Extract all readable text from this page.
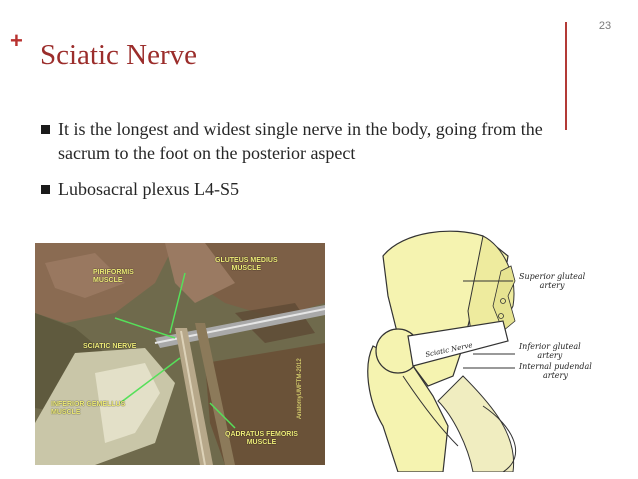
+ Sciatic Nerve
23
It is the longest and widest single nerve in the body, going from the sacrum to the foot on the posterior aspect
Lubosacral plexus L4-S5
GLUTEUS MEDIUS
MUSCLE
PIRIFORMIS
MUSCLE
SCIATIC NERVE
INFERIOR GEMELLUS
MUSCLE
QADRATUS FEMORIS
MUSCLE
AnatomyUMFTM-2012
Superior gluteal
artery
Inferior gluteal
artery
Internal pudendal
artery
Sciatic Nerve
